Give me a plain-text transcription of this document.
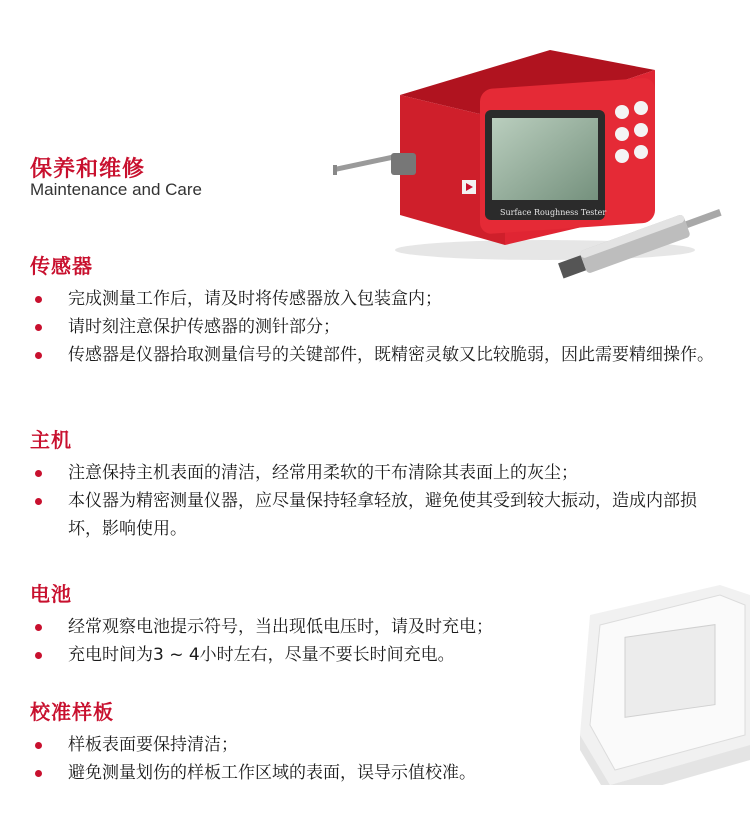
Surface Roughness Tester
保养和维修
Maintenance and Care
传感器
完成测量工作后，请及时将传感器放入包装盒内；
请时刻注意保护传感器的测针部分；
传感器是仪器拾取测量信号的关键部件，既精密灵敏又比较脆弱，因此需要精细操作。
主机
注意保持主机表面的清洁，经常用柔软的干布清除其表面上的灰尘；
本仪器为精密测量仪器，应尽量保持轻拿轻放，避免使其受到较大振动，造成内部损坏，影响使用。
电池
经常观察电池提示符号，当出现低电压时，请及时充电；
充电时间为3 ~ 4小时左右，尽量不要长时间充电。
校准样板
样板表面要保持清洁；
避免测量划伤的样板工作区域的表面，误导示值校准。
